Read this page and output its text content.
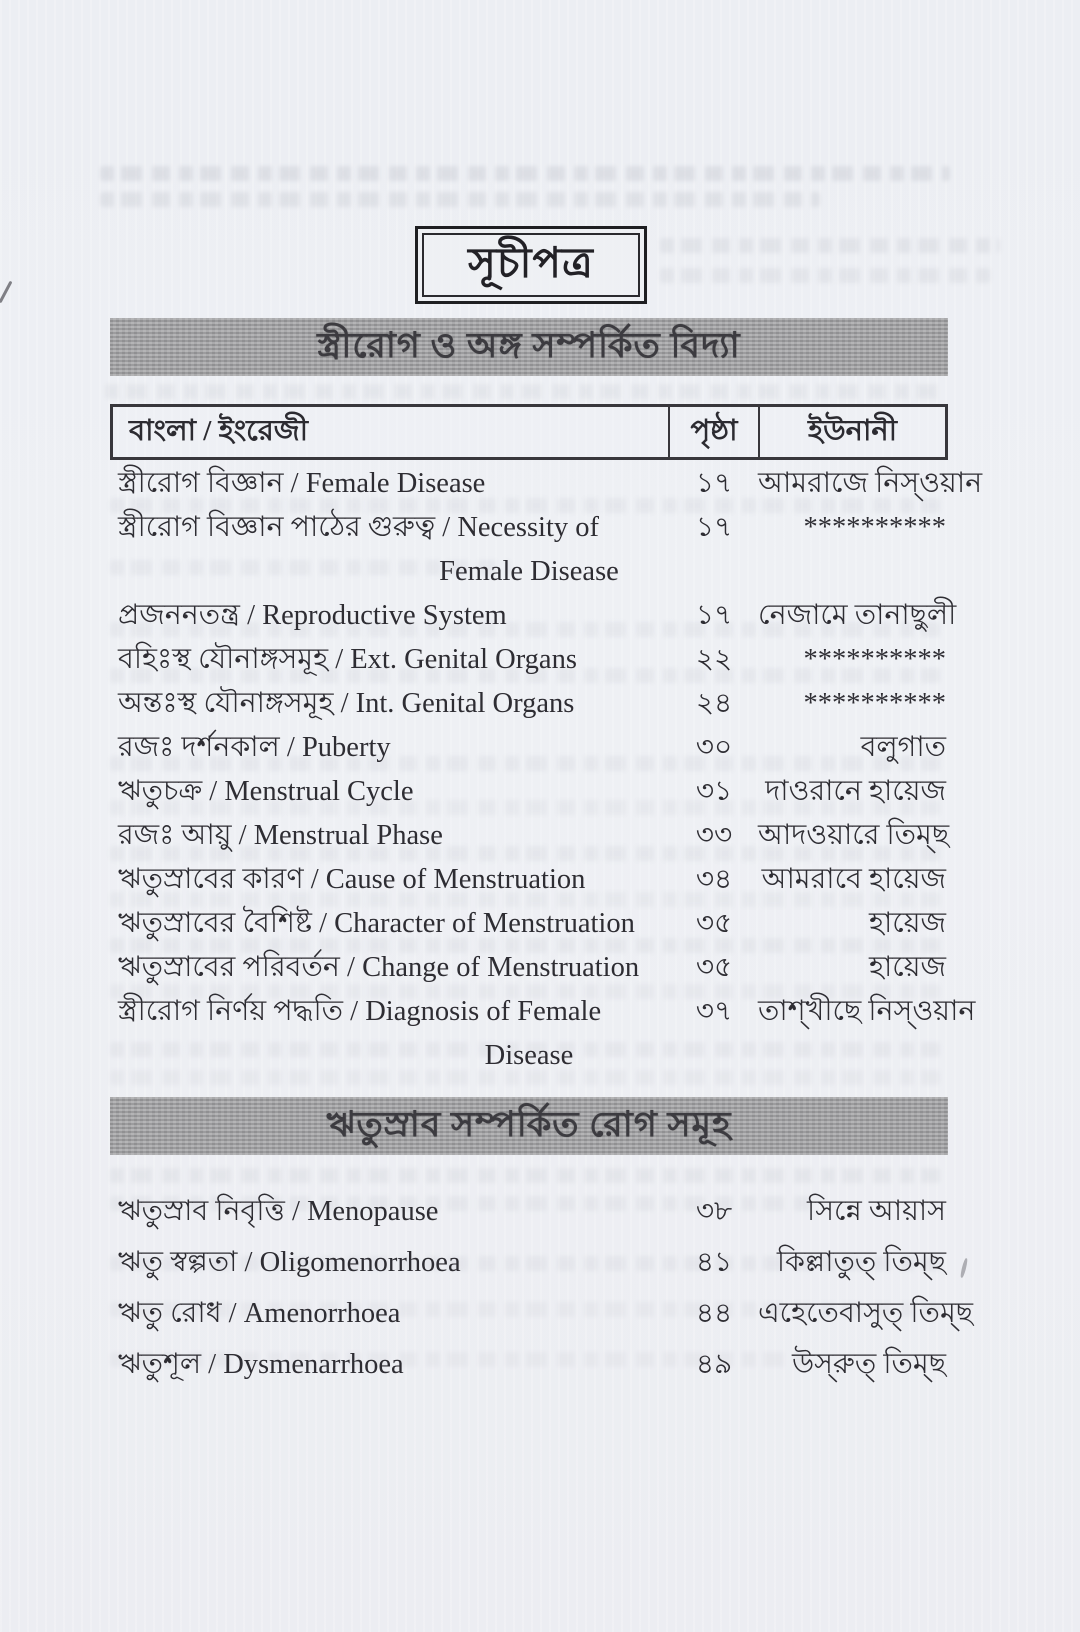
সূচীপত্র
স্ত্রীরোগ ও অঙ্গ সম্পর্কিত বিদ্যা
বাংলা / ইংরেজী	পৃষ্ঠা	ইউনানী
স্ত্রীরোগ বিজ্ঞান / Female Disease	১৭ আমরাজে নিস্‌ওয়ান
স্ত্রীরোগ বিজ্ঞান পাঠের গুরুত্ব / Necessity of	১৭	**********
Female Disease
প্রজননতন্ত্র / Reproductive System	১৭ নেজামে তানাছুলী
বহিঃস্থ যৌনাঙ্গসমূহ / Ext. Genital Organs	২২	**********
অন্তঃস্থ যৌনাঙ্গসমূহ / Int. Genital Organs	২৪	**********
রজঃ দর্শনকাল / Puberty	৩০	বলুগাত
ঋতুচক্র / Menstrual Cycle	৩১	দাওরানে হায়েজ
রজঃ আয়ু / Menstrual Phase	৩৩ আদওয়ারে তিম্‌ছ
ঋতুস্রাবের কারণ / Cause of Menstruation	৩৪	আমরাবে হায়েজ
ঋতুস্রাবের বৈশিষ্ট / Character of Menstruation	৩৫	হায়েজ
ঋতুস্রাবের পরিবর্তন / Change of Menstruation	৩৫	হায়েজ
স্ত্রীরোগ নির্ণয় পদ্ধতি / Diagnosis of Female	৩৭ তাশ্‌খীছে নিস্‌ওয়ান
Disease
ঋতুস্রাব সম্পর্কিত রোগ সমূহ
ঋতুস্রাব নিবৃত্তি / Menopause	৩৮	সিন্নে আয়াস
ঋতু স্বল্পতা / Oligomenorrhoea	৪১	কিল্লাতুত্‌ তিম্‌ছ
ঋতু রোধ / Amenorrhoea	৪৪ এহেতেবাসুত্‌ তিম্‌ছ
ঋতুশূল / Dysmenarrhoea	৪৯	উস্‌রুত্‌ তিম্‌ছ
